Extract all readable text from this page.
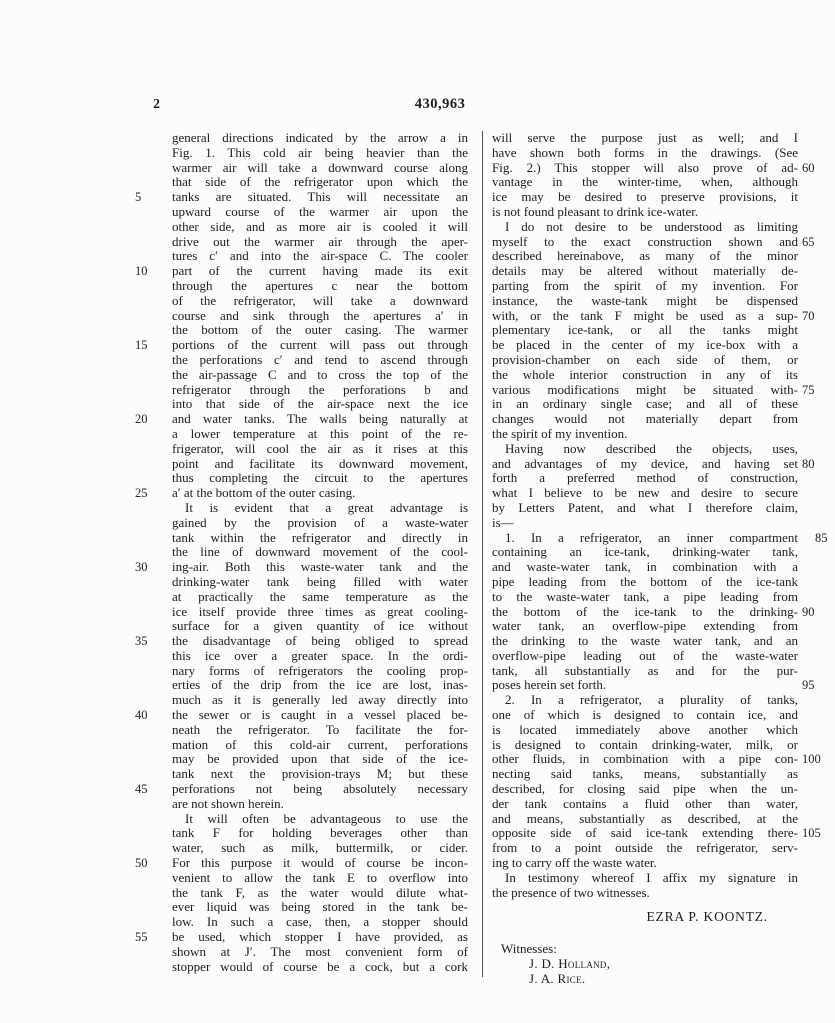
2	430,963
general directions indicated by the arrow a in
Fig. 1. This cold air being heavier than the
warmer air will take a downward course along
that side of the refrigerator upon which the
tanks are situated. This will necessitate an
5
upward course of the warmer air upon the
other side, and as more air is cooled it will
drive out the warmer air through the aper-
tures c′ and into the air-space C. The cooler
part of the current having made its exit
10
through the apertures c near the bottom
of the refrigerator, will take a downward
course and sink through the apertures a′ in
the bottom of the outer casing. The warmer
portions of the current will pass out through
15
the perforations c′ and tend to ascend through
the air-passage C and to cross the top of the
refrigerator through the perforations b and
into that side of the air-space next the ice
and water tanks. The walls being naturally at
20
a lower temperature at this point of the re-
frigerator, will cool the air as it rises at this
point and facilitate its downward movement,
thus completing the circuit to the apertures
a′ at the bottom of the outer casing.
25
It is evident that a great advantage is
gained by the provision of a waste-water
tank within the refrigerator and directly in
the line of downward movement of the cool-
ing-air. Both this waste-water tank and the
30
drinking-water tank being filled with water
at practically the same temperature as the
ice itself provide three times as great cooling-
surface for a given quantity of ice without
the disadvantage of being obliged to spread
35
this ice over a greater space. In the ordi-
nary forms of refrigerators the cooling prop-
erties of the drip from the ice are lost, inas-
much as it is generally led away directly into
the sewer or is caught in a vessel placed be-
40
neath the refrigerator. To facilitate the for-
mation of this cold-air current, perforations
may be provided upon that side of the ice-
tank next the provision-trays M; but these
perforations not being absolutely necessary
45
are not shown herein.
It will often be advantageous to use the
tank F for holding beverages other than
water, such as milk, buttermilk, or cider.
For this purpose it would of course be incon-
50
venient to allow the tank E to overflow into
the tank F, as the water would dilute what-
ever liquid was being stored in the tank be-
low. In such a case, then, a stopper should
be used, which stopper I have provided, as
55
shown at J′. The most convenient form of
stopper would of course be a cock, but a cork
will serve the purpose just as well; and I
have shown both forms in the drawings. (See
Fig. 2.) This stopper will also prove of ad- 60
vantage in the winter-time, when, although
ice may be desired to preserve provisions, it
is not found pleasant to drink ice-water.
I do not desire to be understood as limiting
myself to the exact construction shown and 65
described hereinabove, as many of the minor
details may be altered without materially de-
parting from the spirit of my invention. For
instance, the waste-tank might be dispensed
with, or the tank F might be used as a sup- 70
plementary ice-tank, or all the tanks might
be placed in the center of my ice-box with a
provision-chamber on each side of them, or
the whole interior construction in any of its
various modifications might be situated with- 75
in an ordinary single case; and all of these
changes would not materially depart from
the spirit of my invention.
Having now described the objects, uses,
and advantages of my device, and having set 80
forth a preferred method of construction,
what I believe to be new and desire to secure
by Letters Patent, and what I therefore claim,
is—
1. In a refrigerator, an inner compartment	85
containing an ice-tank, drinking-water tank,
and waste-water tank, in combination with a
pipe leading from the bottom of the ice-tank
to the waste-water tank, a pipe leading from
the bottom of the ice-tank to the drinking- 90
water tank, an overflow-pipe extending from
the drinking to the waste water tank, and an
overflow-pipe leading out of the waste-water
tank, all substantially as and for the pur-
poses herein set forth.	95
2. In a refrigerator, a plurality of tanks,
one of which is designed to contain ice, and
is located immediately above another which
is designed to contain drinking-water, milk, or
other fluids, in combination with a pipe con- 100
necting said tanks, means, substantially as
described, for closing said pipe when the un-
der tank contains a fluid other than water,
and means, substantially as described, at the
opposite side of said ice-tank extending there- 105
from to a point outside the refrigerator, serv-
ing to carry off the waste water.
In testimony whereof I affix my signature in
the presence of two witnesses.
EZRA P. KOONTZ.
Witnesses:
J. D. Holland,
J. A. Rice.
